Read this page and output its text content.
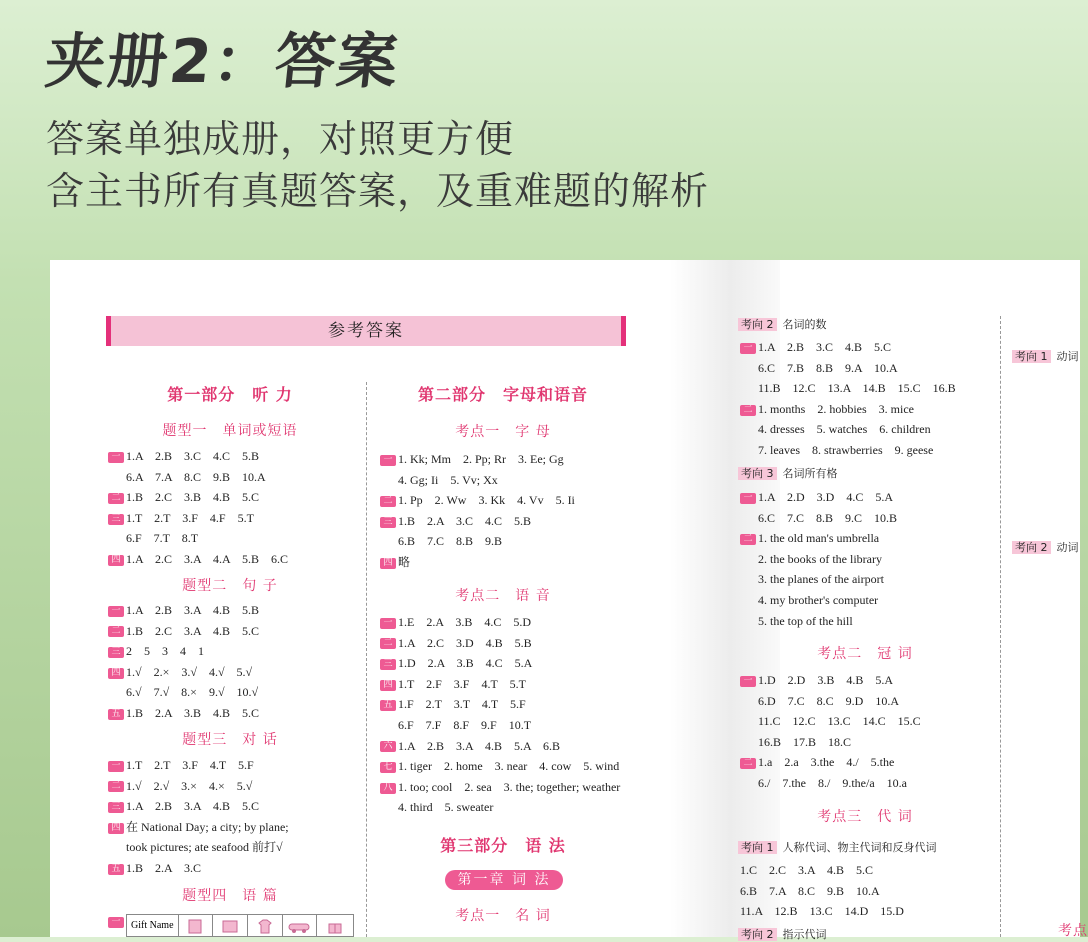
夹册2：答案
答案单独成册，对照更方便
含主书所有真题答案，及重难题的解析
参考答案
第一部分　听 力
题型一　单词或短语
一 1.A　2.B　3.C　4.C　5.B
6.A　7.A　8.C　9.B　10.A
二 1.B　2.C　3.B　4.B　5.C
三 1.T　2.T　3.F　4.F　5.T
6.F　7.T　8.T
四 1.A　2.C　3.A　4.A　5.B　6.C
题型二　句 子
一 1.A　2.B　3.A　4.B　5.B
二 1.B　2.C　3.A　4.B　5.C
三 2　5　3　4　1
四 1.√　2.×　3.√　4.√　5.√
6.√　7.√　8.×　9.√　10.√
五 1.B　2.A　3.B　4.B　5.C
题型三　对 话
一 1.T　2.T　3.F　4.T　5.F
二 1.√　2.√　3.×　4.×　5.√
三 1.A　2.B　3.A　4.B　5.C
四 在 National Day; a city; by plane;
took pictures; ate seafood 前打√
五 1.B　2.A　3.C
题型四　语 篇
一	Gift Name
第二部分　字母和语音
考点一　字 母
一 1. Kk; Mm　2. Pp; Rr　3. Ee; Gg
4. Gg; Ii　5. Vv; Xx
二 1. Pp　2. Ww　3. Kk　4. Vv　5. Ii
三 1.B　2.A　3.C　4.C　5.B
6.B　7.C　8.B　9.B
四 略
考点二　语 音
一 1.E　2.A　3.B　4.C　5.D
二 1.A　2.C　3.D　4.B　5.B
三 1.D　2.A　3.B　4.C　5.A
四 1.T　2.F　3.F　4.T　5.T
五 1.F　2.T　3.T　4.T　5.F
6.F　7.F　8.F　9.F　10.T
六 1.A　2.B　3.A　4.B　5.A　6.B
七 1. tiger　2. home　3. near　4. cow　5. wind
八 1. too; cool　2. sea　3. the; together; weather
4. third　5. sweater
第三部分　语 法
第一章 词 法
考点一　名 词
考向 2 名词的数
一 1.A　2.B　3.C　4.B　5.C
6.C　7.B　8.B　9.A　10.A
11.B　12.C　13.A　14.B　15.C　16.B
二 1. months　2. hobbies　3. mice
4. dresses　5. watches　6. children
7. leaves　8. strawberries　9. geese
考向 3 名词所有格
一 1.A　2.D　3.D　4.C　5.A
6.C　7.C　8.B　9.C　10.B
二 1. the old man's umbrella
2. the books of the library
3. the planes of the airport
4. my brother's computer
5. the top of the hill
考点二　冠 词
一 1.D　2.D　3.B　4.B　5.A
6.D　7.C　8.C　9.D　10.A
11.C　12.C　13.C　14.C　15.C
16.B　17.B　18.C
二 1.a　2.a　3.the　4./　5.the
6./　7.the　8./　9.the/a　10.a
考点三　代 词
考向 1 人称代词、物主代词和反身代词
1.C　2.C　3.A　4.B　5.C
6.B　7.A　8.C　9.B　10.A
11.A　12.B　13.C　14.D　15.D
考向 2 指示代词
考向 1 动词
考向 2 动词
考点
